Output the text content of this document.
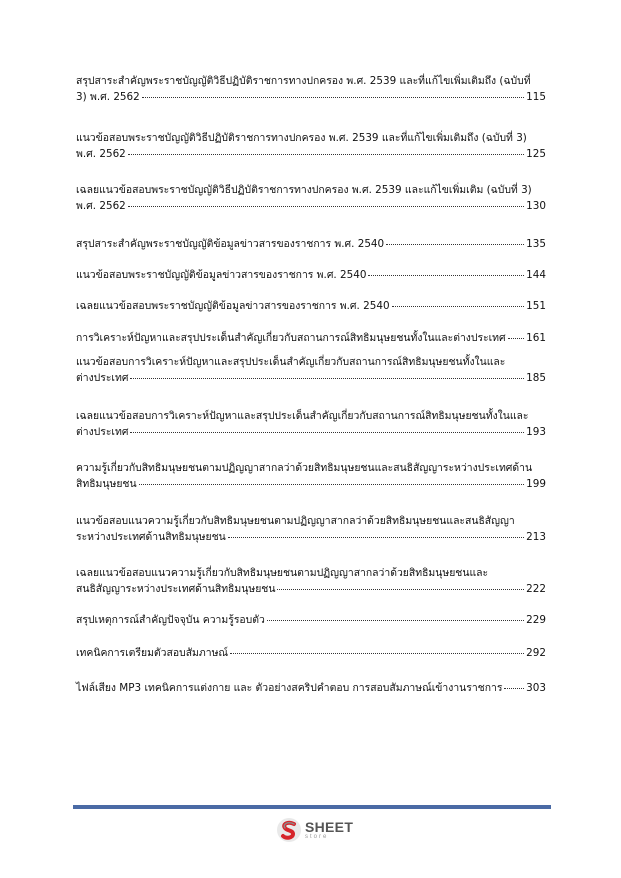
สรุปสาระสำคัญพระราชบัญญัติวิธีปฏิบัติราชการทางปกครอง พ.ศ. 2539 และที่แก้ไขเพิ่มเติมถึง (ฉบับที่
3) พ.ศ. 2562	115
แนวข้อสอบพระราชบัญญัติวิธีปฏิบัติราชการทางปกครอง พ.ศ. 2539 และที่แก้ไขเพิ่มเติมถึง (ฉบับที่ 3)
พ.ศ. 2562	125
เฉลยแนวข้อสอบพระราชบัญญัติวิธีปฏิบัติราชการทางปกครอง พ.ศ. 2539 และแก้ไขเพิ่มเติม (ฉบับที่ 3)
พ.ศ. 2562	130
สรุปสาระสำคัญพระราชบัญญัติข้อมูลข่าวสารของราชการ พ.ศ. 2540	135
แนวข้อสอบพระราชบัญญัติข้อมูลข่าวสารของราชการ พ.ศ. 2540	144
เฉลยแนวข้อสอบพระราชบัญญัติข้อมูลข่าวสารของราชการ พ.ศ. 2540	151
การวิเคราะห์ปัญหาและสรุปประเด็นสำคัญเกี่ยวกับสถานการณ์สิทธิมนุษยชนทั้งในและต่างประเทศ 161
แนวข้อสอบการวิเคราะห์ปัญหาและสรุปประเด็นสำคัญเกี่ยวกับสถานการณ์สิทธิมนุษยชนทั้งในและ
ต่างประเทศ	185
เฉลยแนวข้อสอบการวิเคราะห์ปัญหาและสรุปประเด็นสำคัญเกี่ยวกับสถานการณ์สิทธิมนุษยชนทั้งในและ
ต่างประเทศ	193
ความรู้เกี่ยวกับสิทธิมนุษยชนตามปฏิญญาสากลว่าด้วยสิทธิมนุษยชนและสนธิสัญญาระหว่างประเทศด้าน
สิทธิมนุษยชน	199
แนวข้อสอบแนวความรู้เกี่ยวกับสิทธิมนุษยชนตามปฏิญญาสากลว่าด้วยสิทธิมนุษยชนและสนธิสัญญา
ระหว่างประเทศด้านสิทธิมนุษยชน	213
เฉลยแนวข้อสอบแนวความรู้เกี่ยวกับสิทธิมนุษยชนตามปฏิญญาสากลว่าด้วยสิทธิมนุษยชนและ
สนธิสัญญาระหว่างประเทศด้านสิทธิมนุษยชน	222
สรุปเหตุการณ์สำคัญปัจจุบัน ความรู้รอบตัว	229
เทคนิคการเตรียมตัวสอบสัมภาษณ์	292
ไฟล์เสียง MP3 เทคนิคการแต่งกาย และ ตัวอย่างสคริปคำตอบ การสอบสัมภาษณ์เข้างานราชการ 303
SHEET
store
